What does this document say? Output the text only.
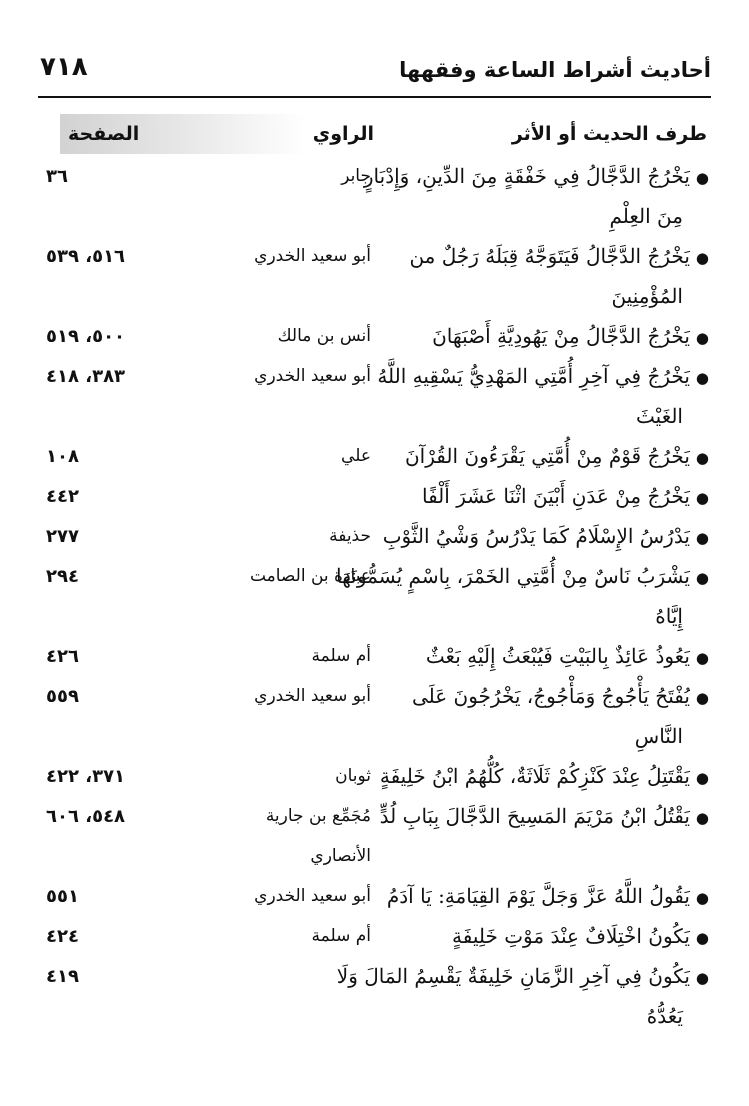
أحاديث أشراط الساعة وفقهها
٧١٨
طرف الحديث أو الأثر
الراوي
الصفحة
●يَخْرُجُ الدَّجَّالُ فِي خَفْقَةٍ مِنَ الدِّينِ، وَإِدْبَارٍ
جابر
٣٦
مِنَ العِلْمِ
●يَخْرُجُ الدَّجَّالُ فَيَتَوَجَّهُ قِبَلَهُ رَجُلٌ من
أبو سعيد الخدري
٥١٦، ٥٣٩
المُؤْمِنِينَ
●يَخْرُجُ الدَّجَّالُ مِنْ يَهُودِيَّةِ أَصْبَهَانَ
أنس بن مالك
٥٠٠، ٥١٩
●يَخْرُجُ فِي آخِرِ أُمَّتِي المَهْدِيُّ يَسْقِيهِ اللَّهُ
أبو سعيد الخدري
٣٨٣، ٤١٨
الغَيْثَ
●يَخْرُجُ قَوْمٌ مِنْ أُمَّتِي يَقْرَءُونَ القُرْآنَ
علي
١٠٨
●يَخْرُجُ مِنْ عَدَنِ أَبْيَنَ اثْنَا عَشَرَ أَلْفًا
٤٤٢
●يَدْرُسُ الإِسْلَامُ كَمَا يَدْرُسُ وَشْيُ الثَّوْبِ
حذيفة
٢٧٧
●يَشْرَبُ نَاسٌ مِنْ أُمَّتِي الخَمْرَ، بِاسْمٍ يُسَمُّونَهَا
عبادة بن الصامت
٢٩٤
إِيَّاهُ
●يَعُوذُ عَائِذٌ بِالبَيْتِ فَيُبْعَثُ إِلَيْهِ بَعْثٌ
أم سلمة
٤٢٦
●يُفْتَحُ يَأْجُوجُ وَمَأْجُوجُ، يَخْرُجُونَ عَلَى
أبو سعيد الخدري
٥٥٩
النَّاسِ
●يَقْتَتِلُ عِنْدَ كَنْزِكُمْ ثَلَاثَةٌ، كُلُّهُمُ ابْنُ خَلِيفَةٍ
ثوبان
٣٧١، ٤٢٢
●يَقْتُلُ ابْنُ مَرْيَمَ المَسِيحَ الدَّجَّالَ بِبَابِ لُدٍّ
مُجَمِّع بن جارية
٥٤٨، ٦٠٦
الأنصاري
●يَقُولُ اللَّهُ عَزَّ وَجَلَّ يَوْمَ القِيَامَةِ: يَا آدَمُ
أبو سعيد الخدري
٥٥١
●يَكُونُ اخْتِلَافٌ عِنْدَ مَوْتِ خَلِيفَةٍ
أم سلمة
٤٢٤
●يَكُونُ فِي آخِرِ الزَّمَانِ خَلِيفَةٌ يَقْسِمُ المَالَ وَلَا
٤١٩
يَعُدُّهُ
